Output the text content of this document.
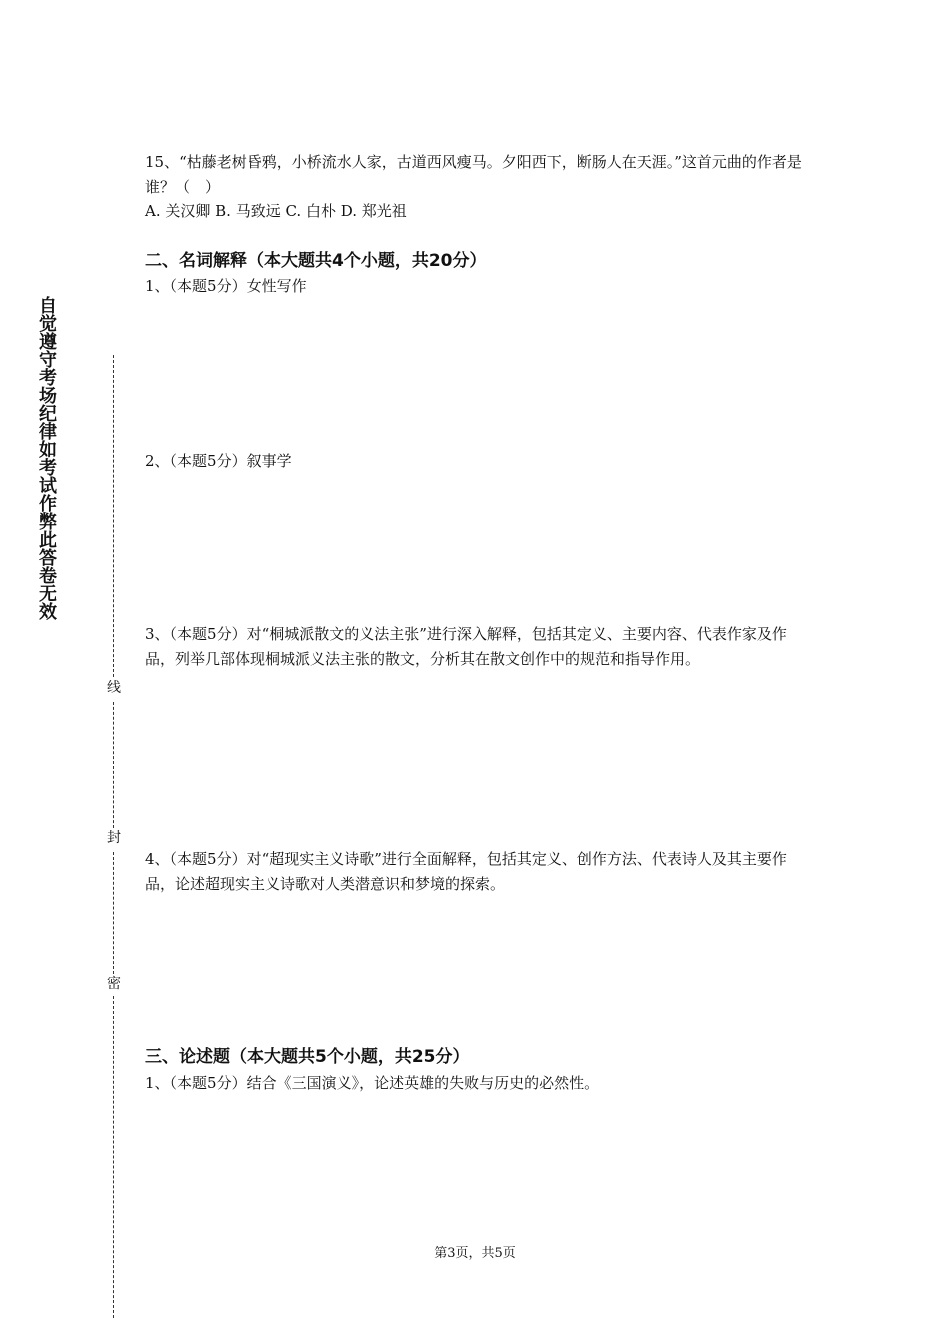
自觉遵守考场纪律如考试作弊此答卷无效
线
封
密

15、“枯藤老树昏鸦，小桥流水人家，古道西风瘦马。夕阳西下，断肠人在天涯。”这首元曲的作者是谁？（　）

A. 关汉卿 B. 马致远 C. 白朴 D. 郑光祖

二、名词解释（本大题共4个小题，共20分）

1、（本题5分）女性写作

2、（本题5分）叙事学

3、（本题5分）对“桐城派散文的义法主张”进行深入解释，包括其定义、主要内容、代表作家及作品，列举几部体现桐城派义法主张的散文，分析其在散文创作中的规范和指导作用。

4、（本题5分）对“超现实主义诗歌”进行全面解释，包括其定义、创作方法、代表诗人及其主要作品，论述超现实主义诗歌对人类潜意识和梦境的探索。

三、论述题（本大题共5个小题，共25分）

1、（本题5分）结合《三国演义》，论述英雄的失败与历史的必然性。

第3页，共5页
